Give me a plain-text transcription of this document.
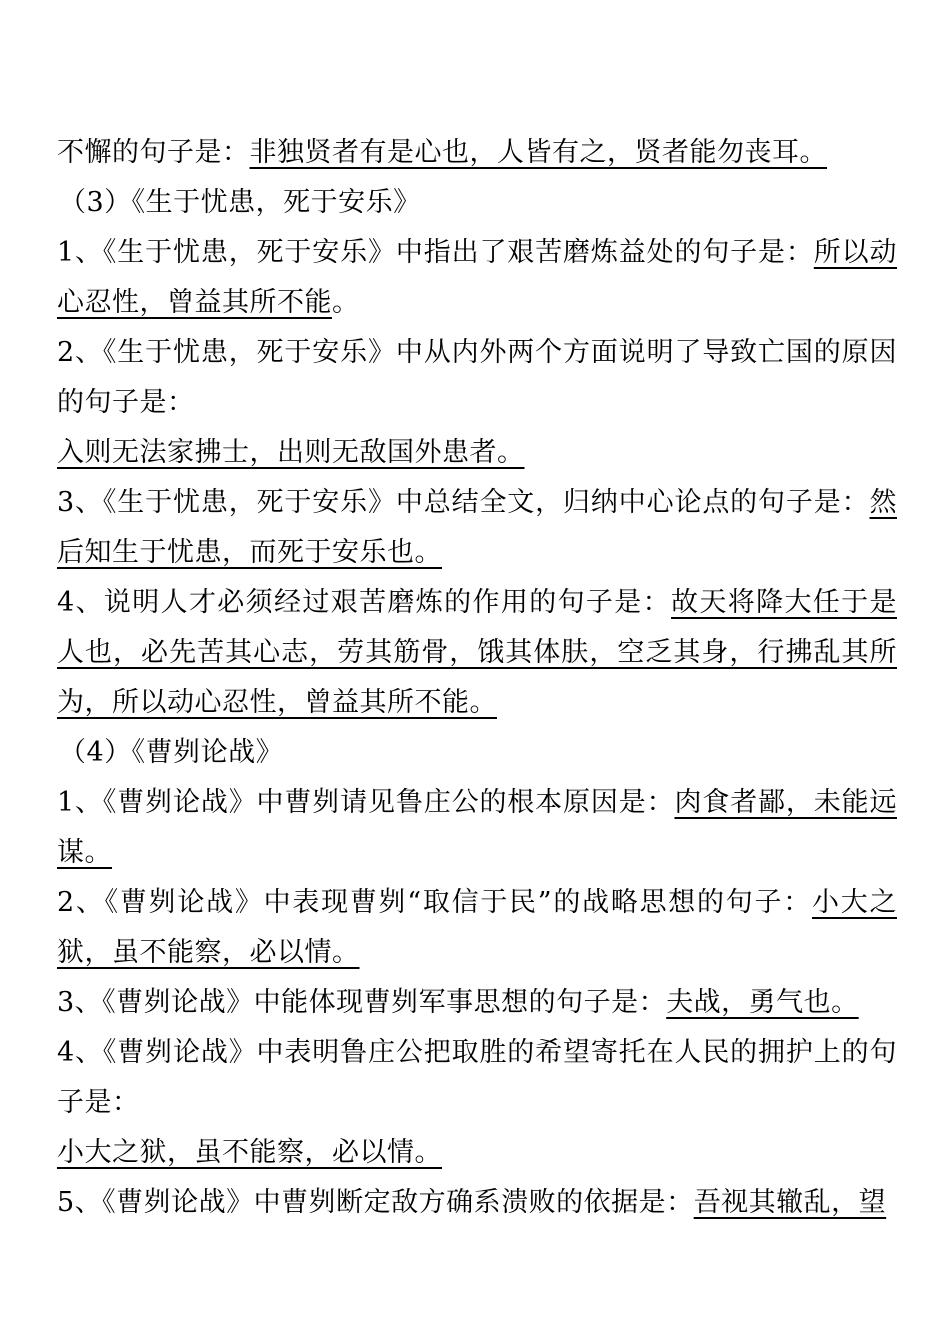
不懈的句子是：非独贤者有是心也，人皆有之，贤者能勿丧耳。

（3）《生于忧患，死于安乐》

1、《生于忧患，死于安乐》中指出了艰苦磨炼益处的句子是：所以动心忍性，曾益其所不能。

2、《生于忧患，死于安乐》中从内外两个方面说明了导致亡国的原因的句子是：
入则无法家拂士，出则无敌国外患者。

3、《生于忧患，死于安乐》中总结全文，归纳中心论点的句子是：然后知生于忧患，而死于安乐也。

4、说明人才必须经过艰苦磨炼的作用的句子是：故天将降大任于是人也，必先苦其心志，劳其筋骨，饿其体肤，空乏其身，行拂乱其所为，所以动心忍性，曾益其所不能。

（4）《曹刿论战》

1、《曹刿论战》中曹刿请见鲁庄公的根本原因是：肉食者鄙，未能远谋。

2、《曹刿论战》中表现曹刿“取信于民”的战略思想的句子：小大之狱，虽不能察，必以情。

3、《曹刿论战》中能体现曹刿军事思想的句子是：夫战，勇气也。

4、《曹刿论战》中表明鲁庄公把取胜的希望寄托在人民的拥护上的句子是：
小大之狱，虽不能察，必以情。

5、《曹刿论战》中曹刿断定敌方确系溃败的依据是：吾视其辙乱，望
